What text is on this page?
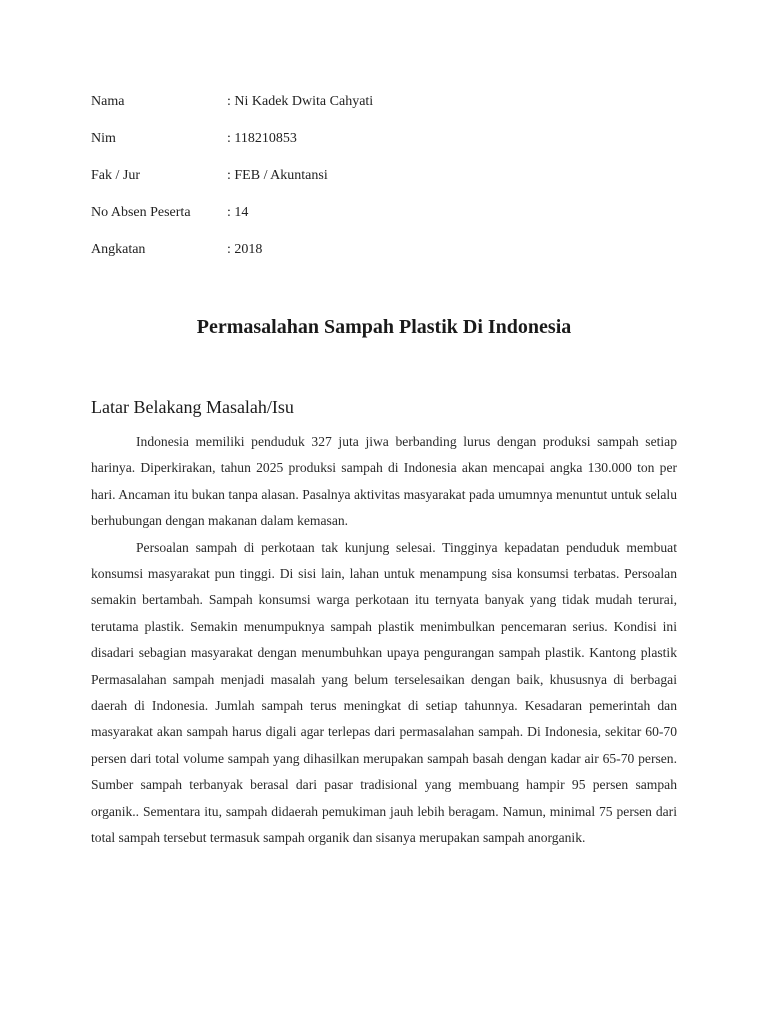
Nama	: Ni Kadek Dwita Cahyati
Nim	: 118210853
Fak / Jur	: FEB / Akuntansi
No Absen Peserta	: 14
Angkatan	: 2018
Permasalahan Sampah Plastik Di Indonesia
Latar Belakang Masalah/Isu

Indonesia memiliki penduduk 327 juta jiwa berbanding lurus dengan produksi sampah setiap harinya. Diperkirakan, tahun 2025 produksi sampah di Indonesia akan mencapai angka 130.000 ton per hari. Ancaman itu bukan tanpa alasan. Pasalnya aktivitas masyarakat pada umumnya menuntut untuk selalu berhubungan dengan makanan dalam kemasan.

Persoalan sampah di perkotaan tak kunjung selesai. Tingginya kepadatan penduduk membuat konsumsi masyarakat pun tinggi. Di sisi lain, lahan untuk menampung sisa konsumsi terbatas. Persoalan semakin bertambah. Sampah konsumsi warga perkotaan itu ternyata banyak yang tidak mudah terurai, terutama plastik. Semakin menumpuknya sampah plastik menimbulkan pencemaran serius. Kondisi ini disadari sebagian masyarakat dengan menumbuhkan upaya pengurangan sampah plastik. Kantong plastik Permasalahan sampah menjadi masalah yang belum terselesaikan dengan baik, khususnya di berbagai daerah di Indonesia. Jumlah sampah terus meningkat di setiap tahunnya. Kesadaran pemerintah dan masyarakat akan sampah harus digali agar terlepas dari permasalahan sampah. Di Indonesia, sekitar 60-70 persen dari total volume sampah yang dihasilkan merupakan sampah basah dengan kadar air 65-70 persen. Sumber sampah terbanyak berasal dari pasar tradisional yang membuang hampir 95 persen sampah organik.. Sementara itu, sampah didaerah pemukiman jauh lebih beragam. Namun, minimal 75 persen dari total sampah tersebut termasuk sampah organik dan sisanya merupakan sampah anorganik.
